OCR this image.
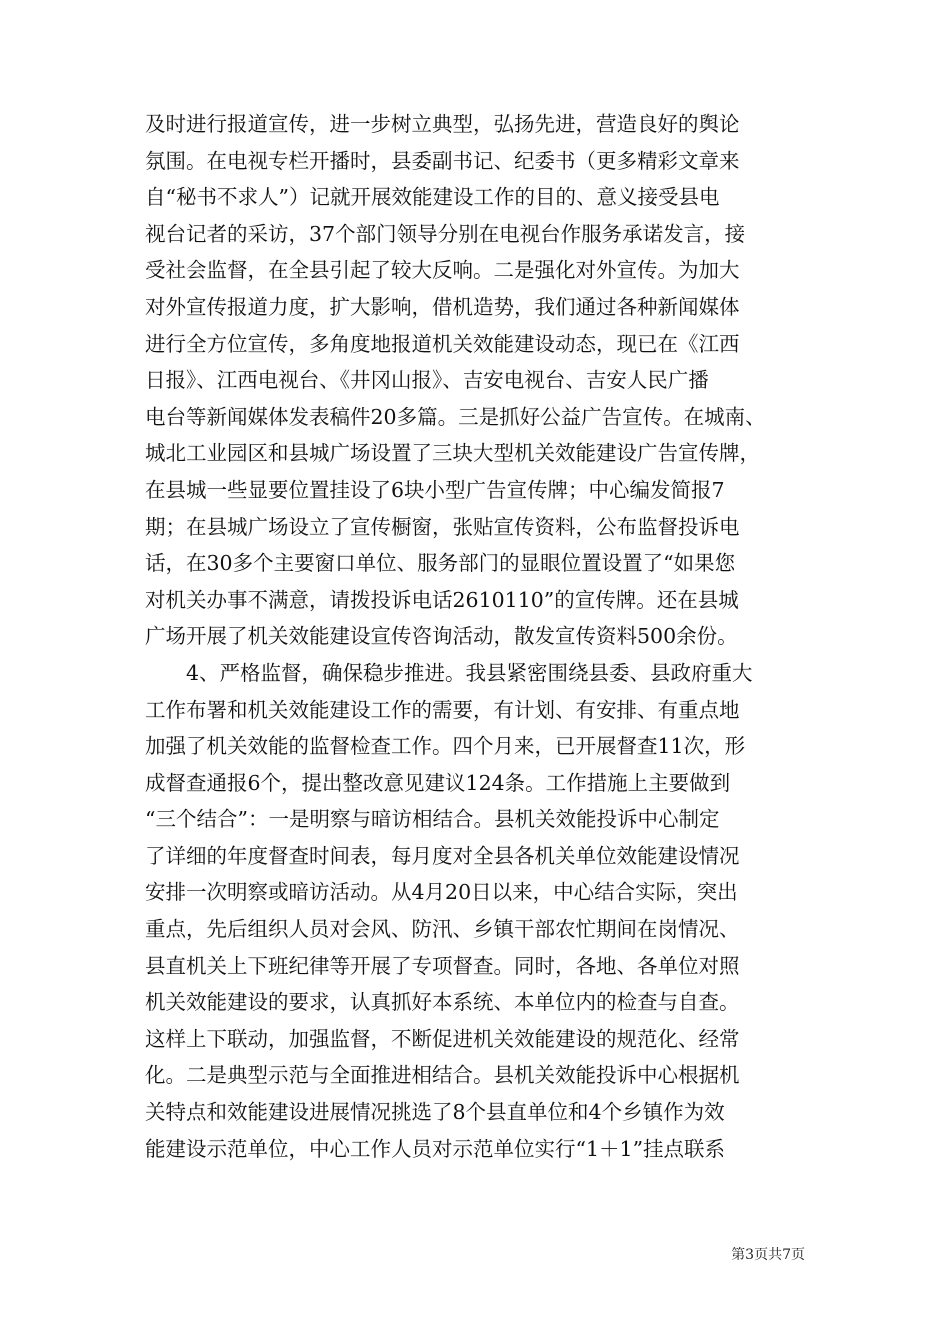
及时进行报道宣传，进一步树立典型，弘扬先进，营造良好的舆论
氛围。在电视专栏开播时，县委副书记、纪委书（更多精彩文章来
自“秘书不求人”）记就开展效能建设工作的目的、意义接受县电
视台记者的采访，37个部门领导分别在电视台作服务承诺发言，接
受社会监督，在全县引起了较大反响。二是强化对外宣传。为加大
对外宣传报道力度，扩大影响，借机造势，我们通过各种新闻媒体
进行全方位宣传，多角度地报道机关效能建设动态，现已在《江西
日报》、江西电视台、《井冈山报》、吉安电视台、吉安人民广播
电台等新闻媒体发表稿件20多篇。三是抓好公益广告宣传。在城南、
城北工业园区和县城广场设置了三块大型机关效能建设广告宣传牌，
在县城一些显要位置挂设了6块小型广告宣传牌；中心编发简报7
期；在县城广场设立了宣传橱窗，张贴宣传资料，公布监督投诉电
话，在30多个主要窗口单位、服务部门的显眼位置设置了“如果您
对机关办事不满意，请拨投诉电话2610110”的宣传牌。还在县城
广场开展了机关效能建设宣传咨询活动，散发宣传资料500余份。
　　4、严格监督，确保稳步推进。我县紧密围绕县委、县政府重大
工作布署和机关效能建设工作的需要，有计划、有安排、有重点地
加强了机关效能的监督检查工作。四个月来，已开展督查11次，形
成督查通报6个，提出整改意见建议124条。工作措施上主要做到
“三个结合”：一是明察与暗访相结合。县机关效能投诉中心制定
了详细的年度督查时间表，每月度对全县各机关单位效能建设情况
安排一次明察或暗访活动。从4月20日以来，中心结合实际，突出
重点，先后组织人员对会风、防汛、乡镇干部农忙期间在岗情况、
县直机关上下班纪律等开展了专项督查。同时，各地、各单位对照
机关效能建设的要求，认真抓好本系统、本单位内的检查与自查。
这样上下联动，加强监督，不断促进机关效能建设的规范化、经常
化。二是典型示范与全面推进相结合。县机关效能投诉中心根据机
关特点和效能建设进展情况挑选了8个县直单位和4个乡镇作为效
能建设示范单位，中心工作人员对示范单位实行“1＋1”挂点联系
第3页共7页
